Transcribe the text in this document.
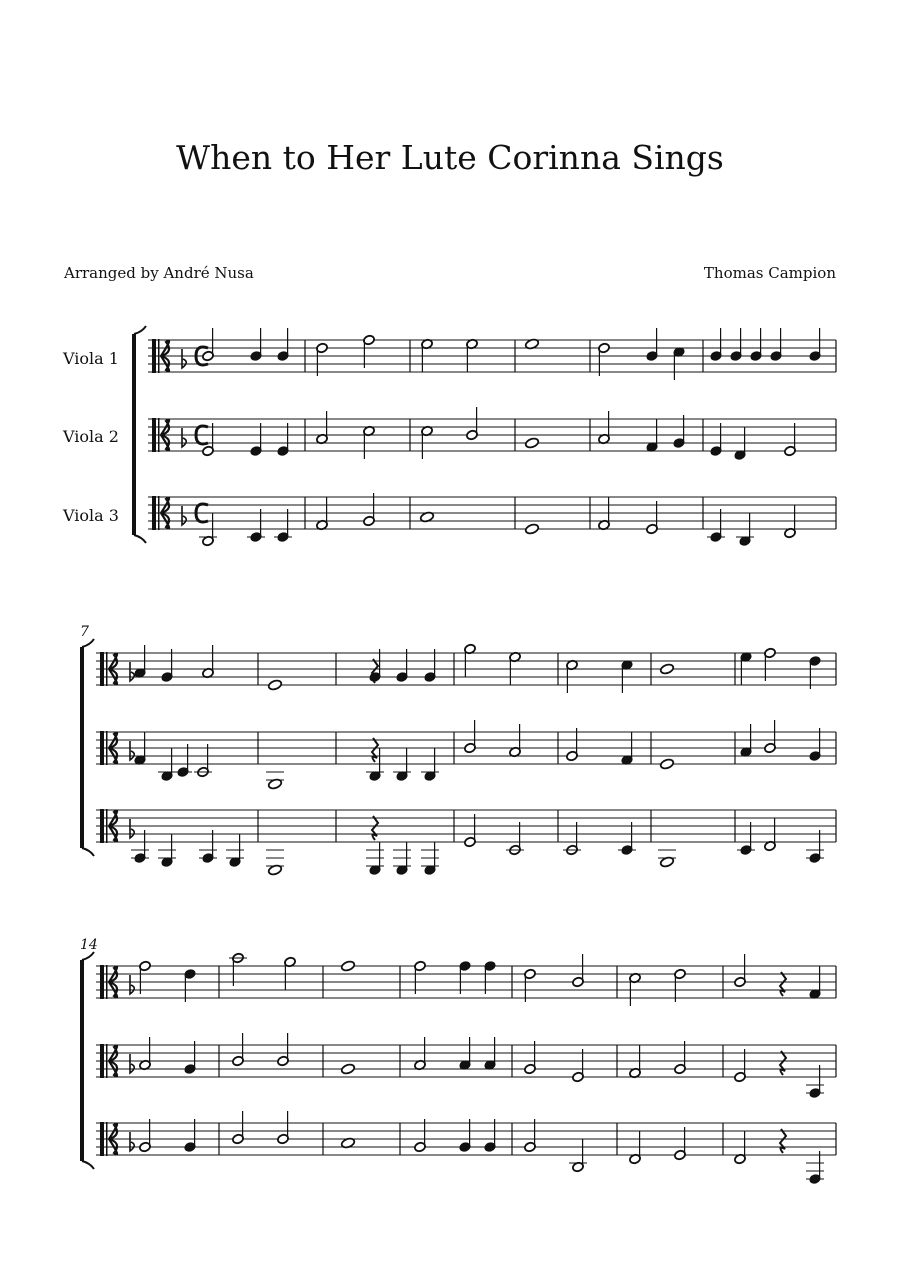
When to Her Lute Corinna Sings
Arranged by André Nusa	Thomas Campion
Viola 1
Viola 2
Viola 3
7
14
